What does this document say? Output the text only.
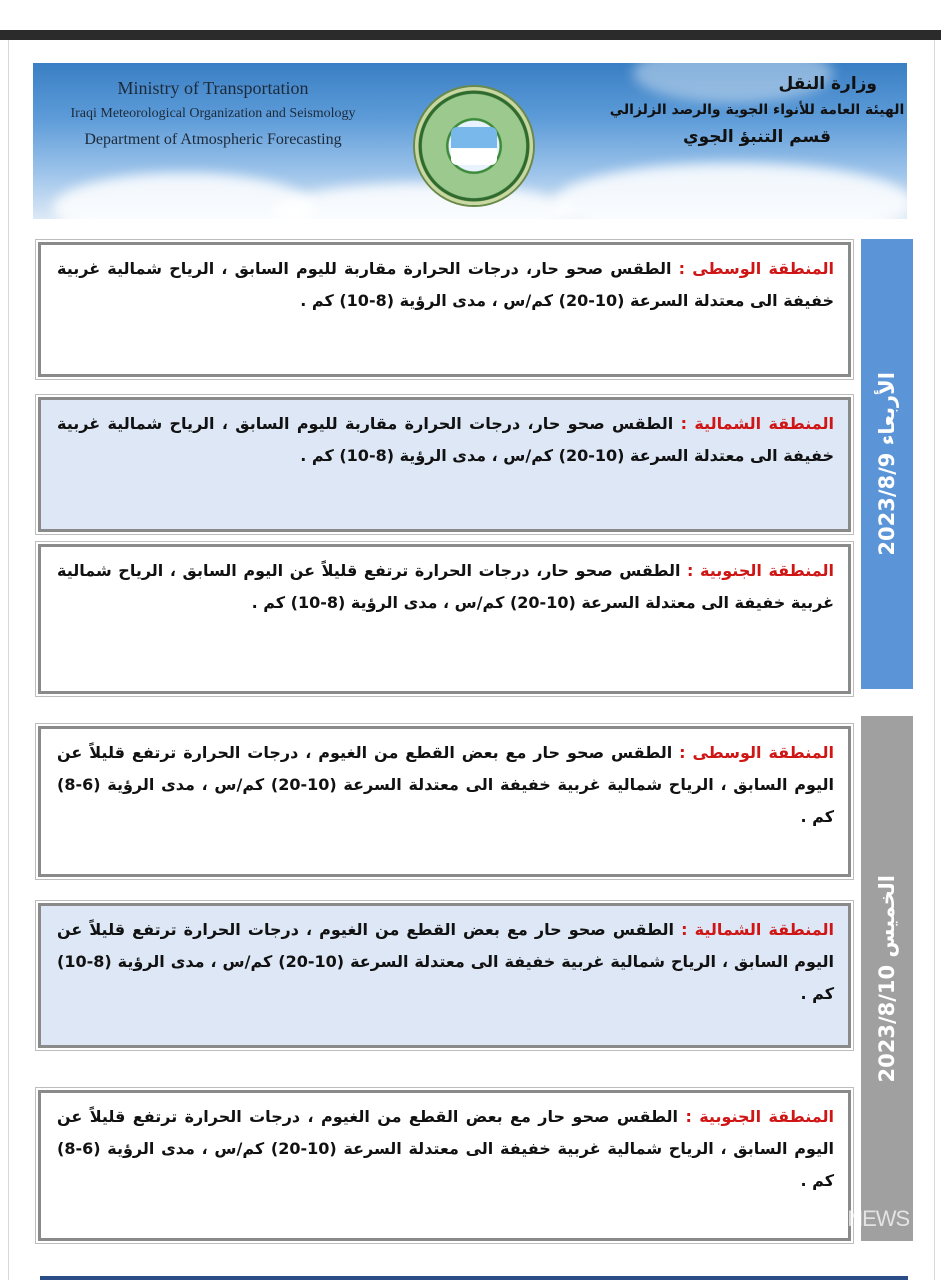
Ministry of Transportation
Iraqi Meteorological Organization and Seismology
Department of Atmospheric Forecasting
وزارة النقل
الهيئة العامة للأنواء الجوية والرصد الزلزالي
قسم التنبؤ الجوي
الأربعاء 2023/8/9
المنطقة الوسطى : الطقس صحو حار، درجات الحرارة مقاربة لليوم السابق ، الرياح شمالية غربية خفيفة الى معتدلة السرعة (10-20) كم/س ، مدى الرؤية (8-10) كم .
المنطقة الشمالية : الطقس صحو حار، درجات الحرارة مقاربة لليوم السابق ، الرياح شمالية غربية خفيفة الى معتدلة السرعة (10-20) كم/س ، مدى الرؤية (8-10) كم .
المنطقة الجنوبية : الطقس صحو حار، درجات الحرارة ترتفع قليلاً عن اليوم السابق ، الرياح شمالية غربية خفيفة الى معتدلة السرعة (10-20) كم/س ، مدى الرؤية (8-10) كم .
الخميس 2023/8/10
المنطقة الوسطى : الطقس صحو حار مع بعض القطع من الغيوم ، درجات الحرارة ترتفع قليلاً عن اليوم السابق ، الرياح شمالية غربية خفيفة الى معتدلة السرعة (10-20) كم/س ، مدى الرؤية (6-8) كم .
المنطقة الشمالية : الطقس صحو حار مع بعض القطع من الغيوم ، درجات الحرارة ترتفع قليلاً عن اليوم السابق ، الرياح شمالية غربية خفيفة الى معتدلة السرعة (10-20) كم/س ، مدى الرؤية (8-10) كم .
المنطقة الجنوبية : الطقس صحو حار مع بعض القطع من الغيوم ، درجات الحرارة ترتفع قليلاً عن اليوم السابق ، الرياح شمالية غربية خفيفة الى معتدلة السرعة (10-20) كم/س ، مدى الرؤية (6-8) كم .
IQNEWS
